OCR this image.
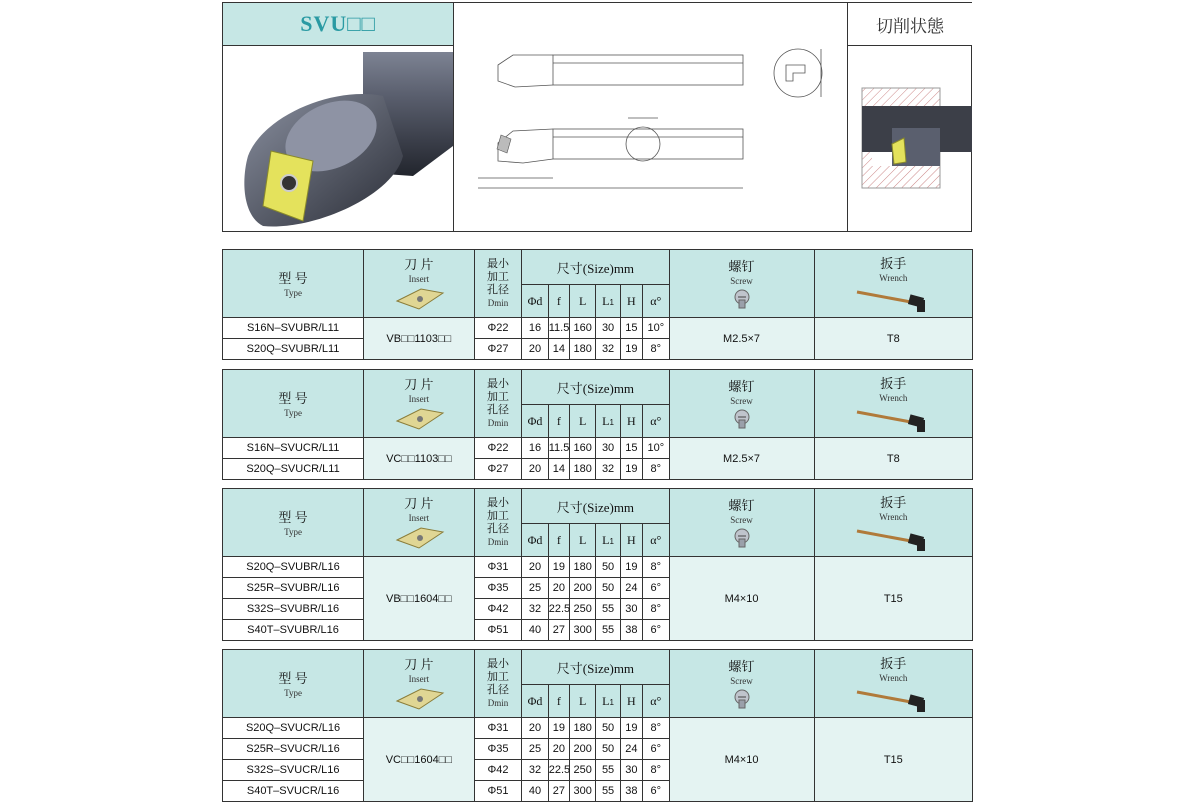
SVU□□	切削状態
型 号
Type	刀 片
Insert	最小
加工
孔径
Dmin	尺寸(Size)mm						螺钉
Screw	扳手
Wrench

			Φd	f	L	L1	H	α°		
S16N–SVUBR/L11	VB□□1103□□	Φ22	16	11.5	160	30	15	10°	M2.5×7	T8
S20Q–SVUBR/L11		Φ27	20	14	180	32	19	8°		
型 号
Type	刀 片
Insert	最小
加工
孔径
Dmin	尺寸(Size)mm						螺钉
Screw	扳手
Wrench

			Φd	f	L	L1	H	α°		
S16N–SVUCR/L11	VC□□1103□□	Φ22	16	11.5	160	30	15	10°	M2.5×7	T8
S20Q–SVUCR/L11		Φ27	20	14	180	32	19	8°		
型 号
Type	刀 片
Insert	最小
加工
孔径
Dmin	尺寸(Size)mm						螺钉
Screw	扳手
Wrench

			Φd	f	L	L1	H	α°		
S20Q–SVUBR/L16	VB□□1604□□	Φ31	20	19	180	50	19	8°	M4×10	T15
S25R–SVUBR/L16		Φ35	25	20	200	50	24	6°		
S32S–SVUBR/L16		Φ42	32	22.5	250	55	30	8°		
S40T–SVUBR/L16		Φ51	40	27	300	55	38	6°		
型 号
Type	刀 片
Insert	最小
加工
孔径
Dmin	尺寸(Size)mm						螺钉
Screw	扳手
Wrench

			Φd	f	L	L1	H	α°		
S20Q–SVUCR/L16	VC□□1604□□	Φ31	20	19	180	50	19	8°	M4×10	T15
S25R–SVUCR/L16		Φ35	25	20	200	50	24	6°		
S32S–SVUCR/L16		Φ42	32	22.5	250	55	30	8°		
S40T–SVUCR/L16		Φ51	40	27	300	55	38	6°		
